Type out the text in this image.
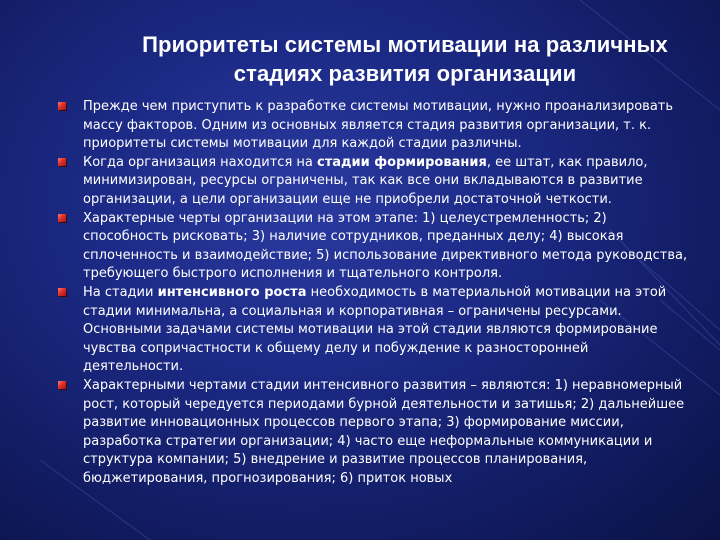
Приоритеты системы мотивации на различных
стадиях развития организации
Прежде чем приступить к разработке системы мотивации, нужно проанализировать массу факторов. Одним из основных является стадия развития организации, т. к. приоритеты системы мотивации для каждой стадии различны.
Когда организация находится на стадии формирования, ее штат, как правило, минимизирован, ресурсы ограничены, так как все они вкладываются в развитие организации, а цели организации еще не приобрели достаточной четкости.
Характерные черты организации на этом этапе: 1) целеустремленность; 2) способность рисковать; 3) наличие сотрудников, преданных делу; 4) высокая сплоченность и взаимодействие; 5) использование директивного метода руководства, требующего быстрого исполнения и тщательного контроля.
На стадии интенсивного роста необходимость в материальной мотивации на этой стадии минимальна, а социальная и корпоративная – ограничены ресурсами. Основными задачами системы мотивации на этой стадии являются формирование чувства сопричастности к общему делу и побуждение к разносторонней деятельности.
Характерными чертами стадии интенсивного развития – являются: 1) неравномерный рост, который чередуется периодами бурной деятельности и затишья; 2) дальнейшее развитие инновационных процессов первого этапа; 3) формирование миссии, разработка стратегии организации; 4) часто еще неформальные коммуникации и структура компании; 5) внедрение и развитие процессов планирования, бюджетирования, прогнозирования; 6) приток новых
